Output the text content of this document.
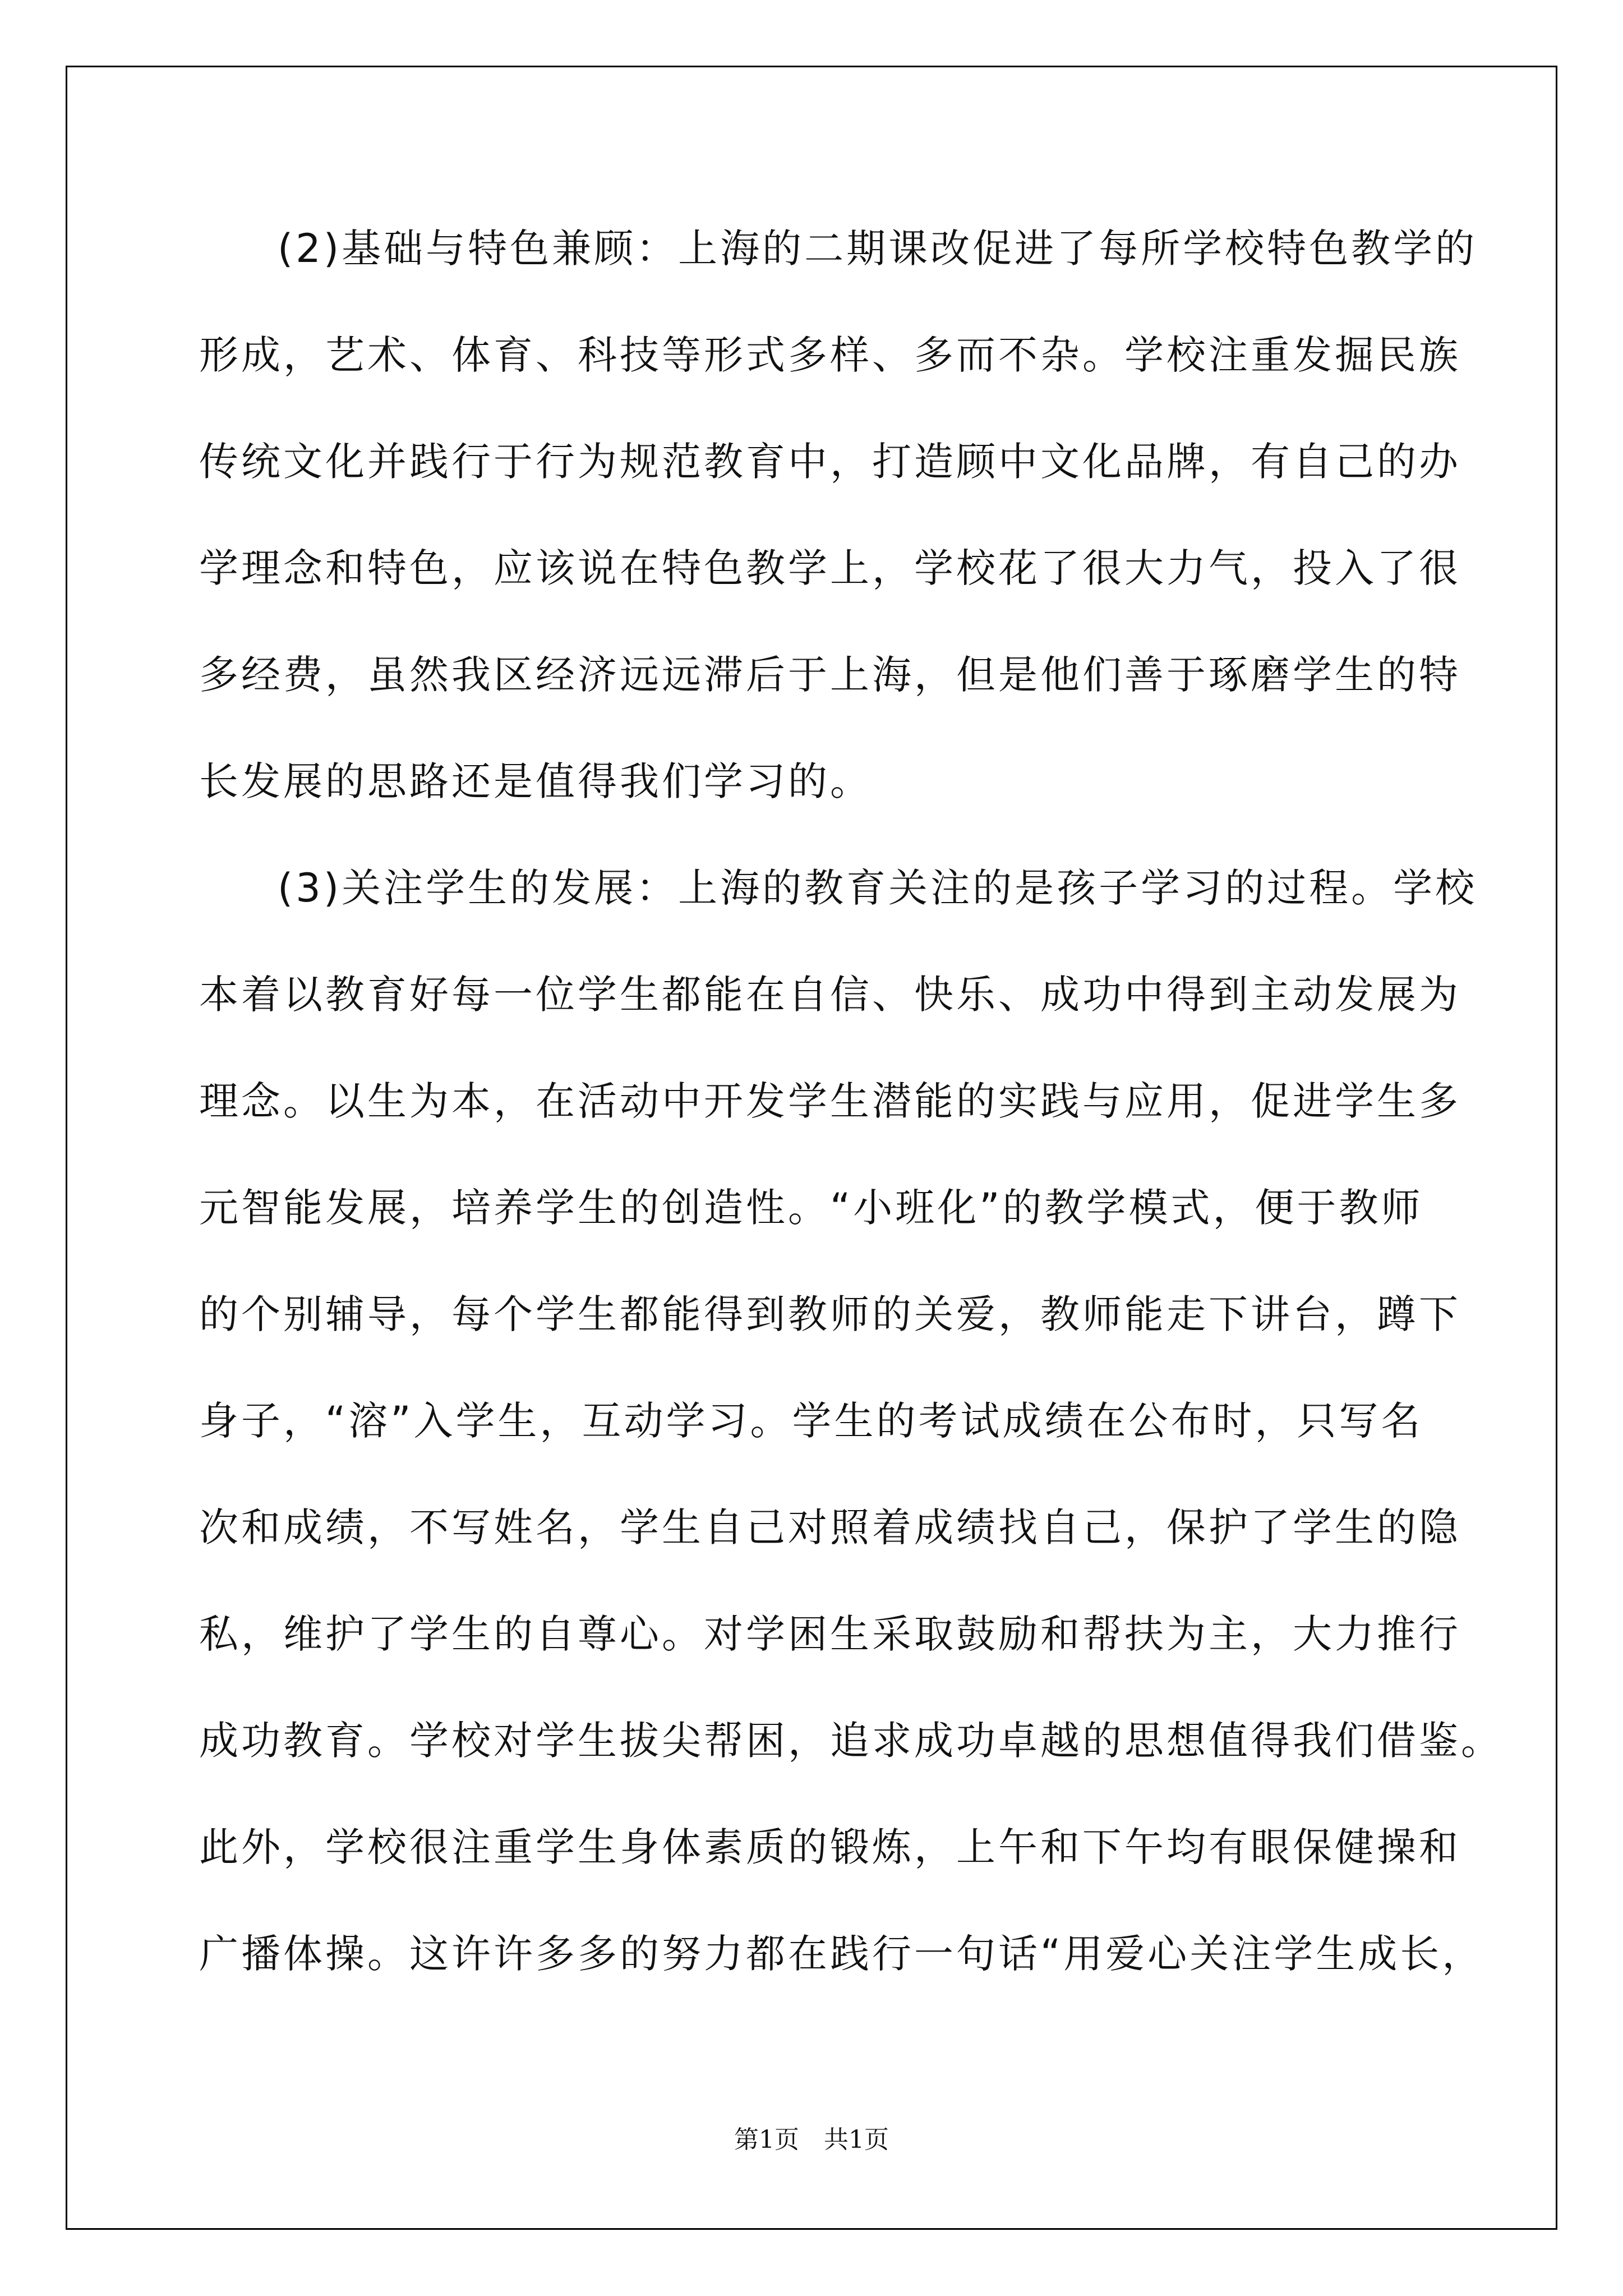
(2)基础与特色兼顾：上海的二期课改促进了每所学校特色教学的
形成，艺术、体育、科技等形式多样、多而不杂。学校注重发掘民族
传统文化并践行于行为规范教育中，打造顾中文化品牌，有自己的办
学理念和特色，应该说在特色教学上，学校花了很大力气，投入了很
多经费，虽然我区经济远远滞后于上海，但是他们善于琢磨学生的特
长发展的思路还是值得我们学习的。
(3)关注学生的发展：上海的教育关注的是孩子学习的过程。学校
本着以教育好每一位学生都能在自信、快乐、成功中得到主动发展为
理念。以生为本，在活动中开发学生潜能的实践与应用，促进学生多
元智能发展，培养学生的创造性。“小班化”的教学模式，便于教师
的个别辅导，每个学生都能得到教师的关爱，教师能走下讲台，蹲下
身子，“溶”入学生，互动学习。学生的考试成绩在公布时，只写名
次和成绩，不写姓名，学生自己对照着成绩找自己，保护了学生的隐
私，维护了学生的自尊心。对学困生采取鼓励和帮扶为主，大力推行
成功教育。学校对学生拔尖帮困，追求成功卓越的思想值得我们借鉴。
此外，学校很注重学生身体素质的锻炼，上午和下午均有眼保健操和
广播体操。这许许多多的努力都在践行一句话“用爱心关注学生成长，
第1页　共1页
